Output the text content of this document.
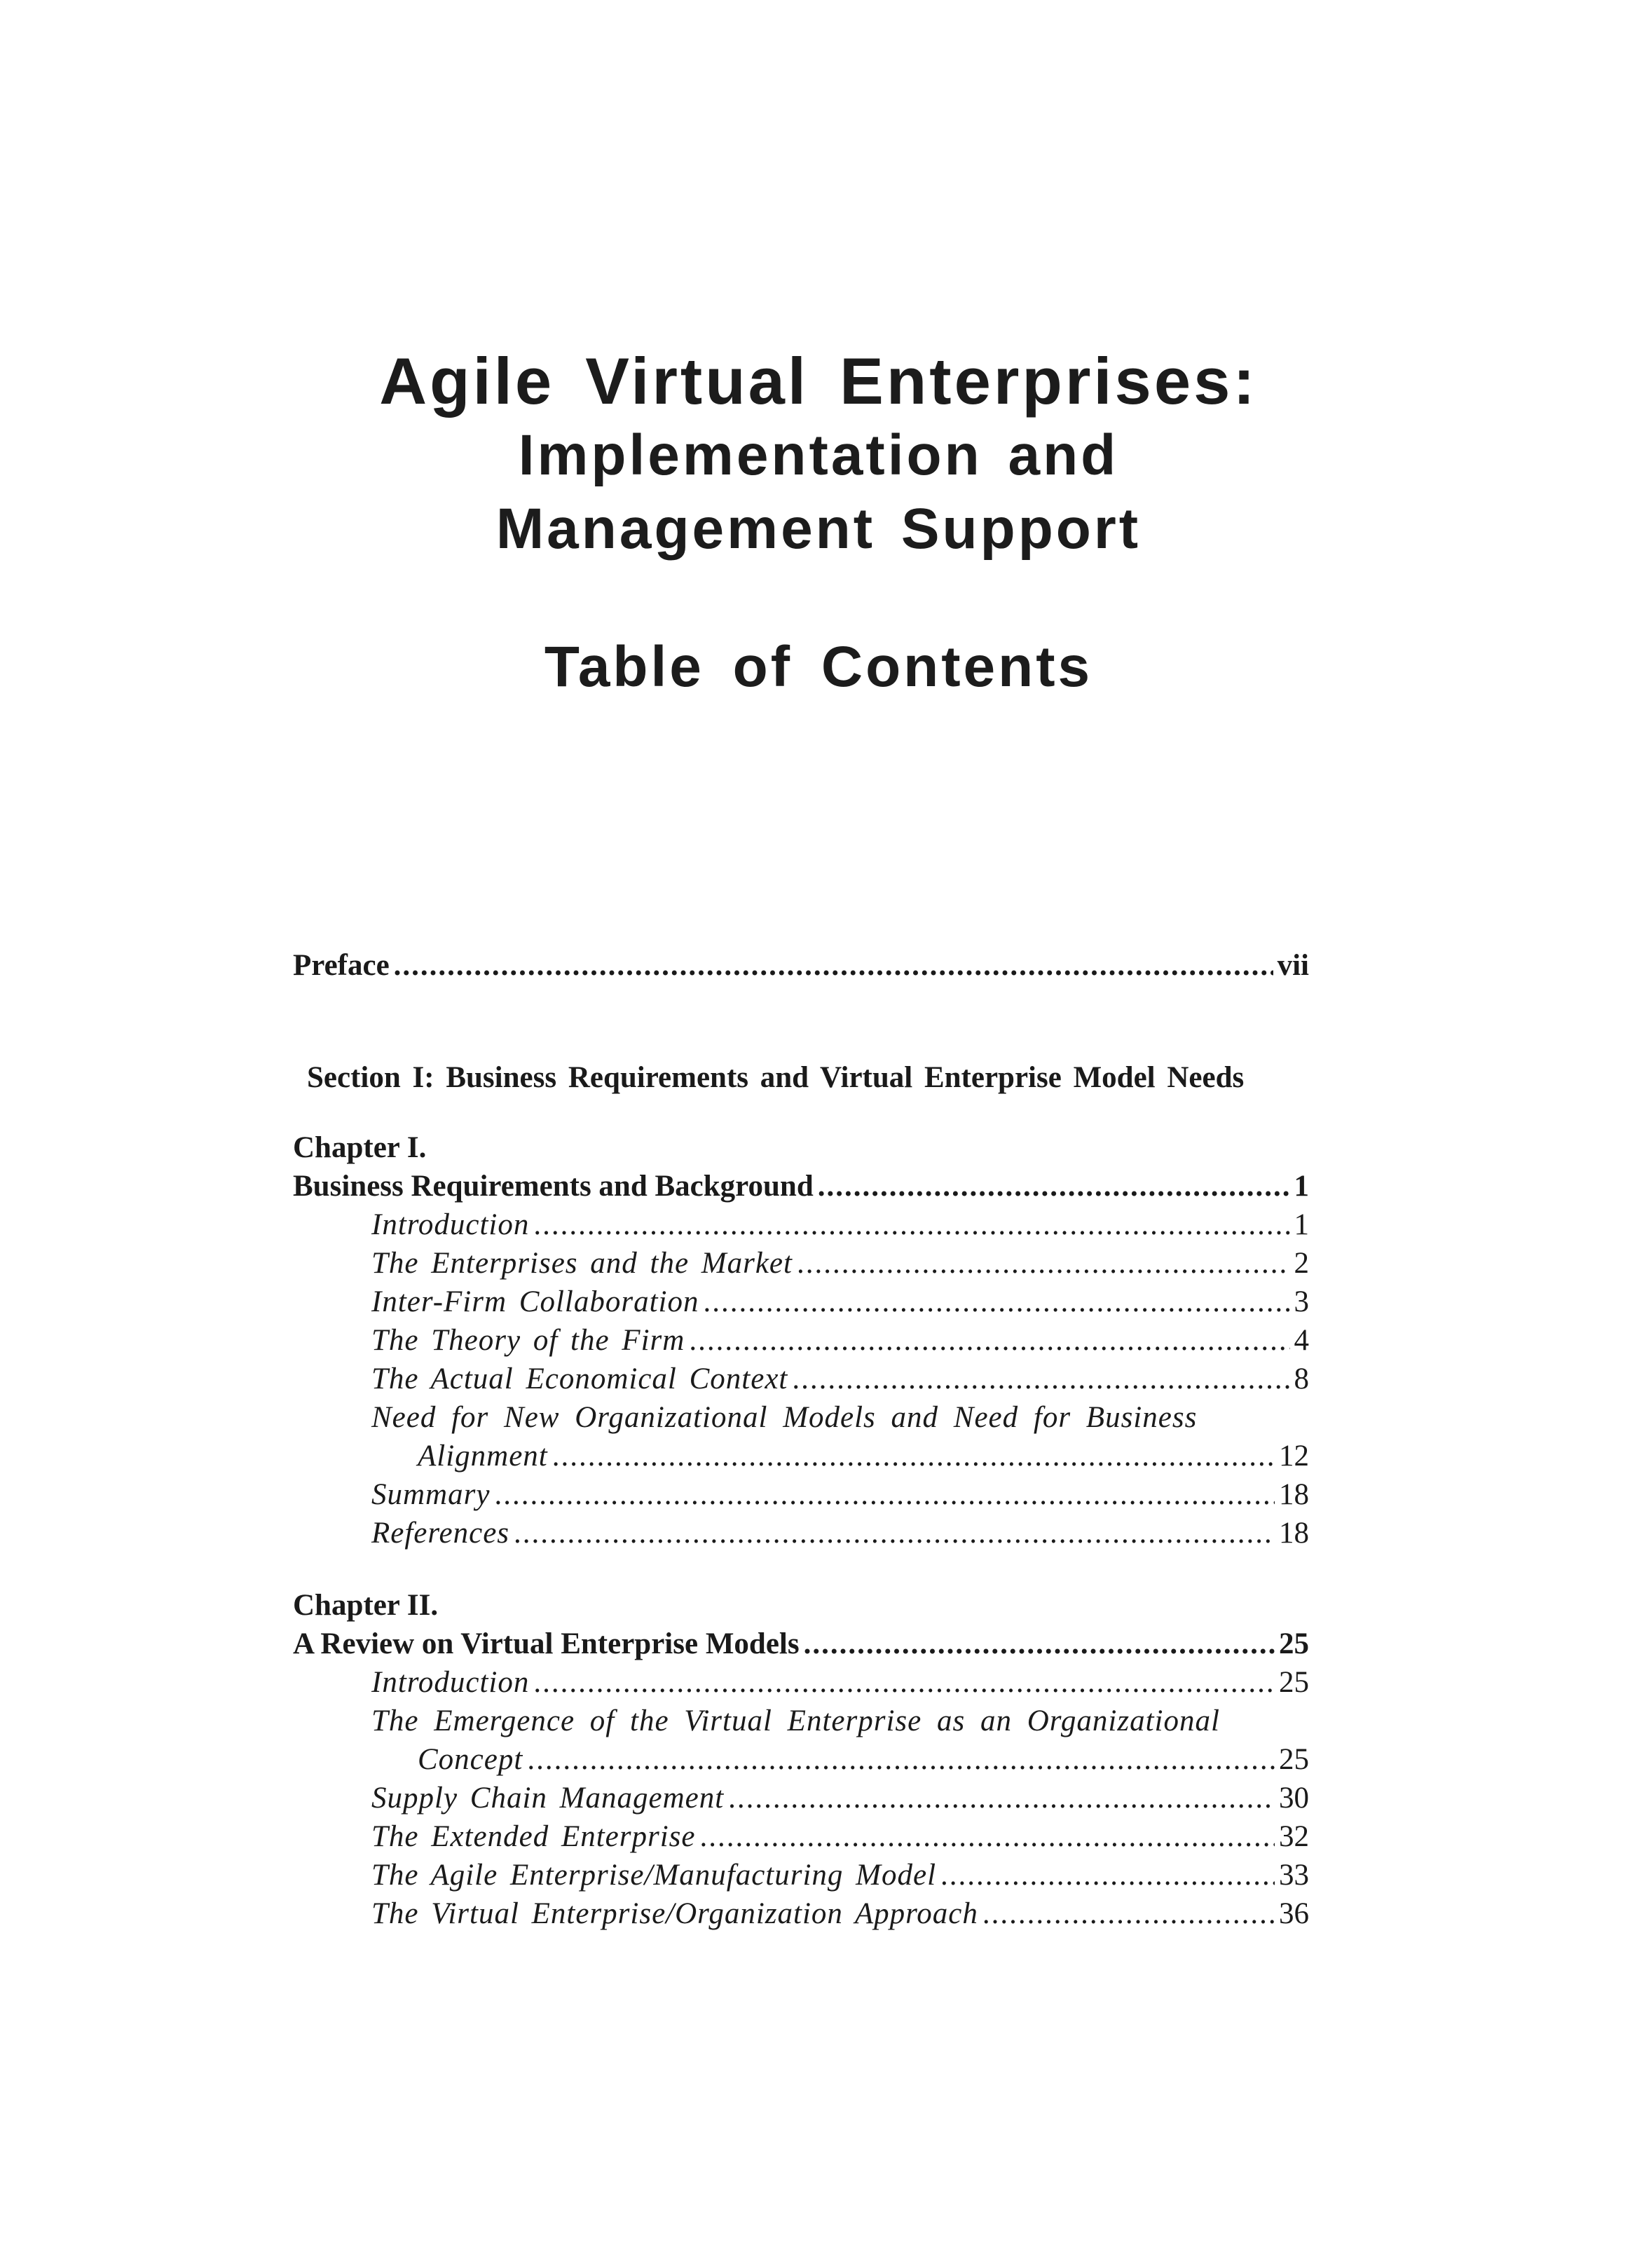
Agile Virtual Enterprises:
Implementation and
Management Support
Table of Contents
Preface .....	vii
Section I: Business Requirements and Virtual Enterprise Model Needs
Chapter I.
Business Requirements and Background .....	1
Introduction .....	1
The Enterprises and the Market .....	2
Inter-Firm Collaboration .....	3
The Theory of the Firm .....	4
The Actual Economical Context .....	8
Need for New Organizational Models and Need for Business
Alignment .....	12
Summary .....	18
References .....	18
Chapter II.
A Review on Virtual Enterprise Models .....	25
Introduction .....	25
The Emergence of the Virtual Enterprise as an Organizational
Concept .....	25
Supply Chain Management .....	30
The Extended Enterprise .....	32
The Agile Enterprise/Manufacturing Model .....	33
The Virtual Enterprise/Organization Approach .....	36
